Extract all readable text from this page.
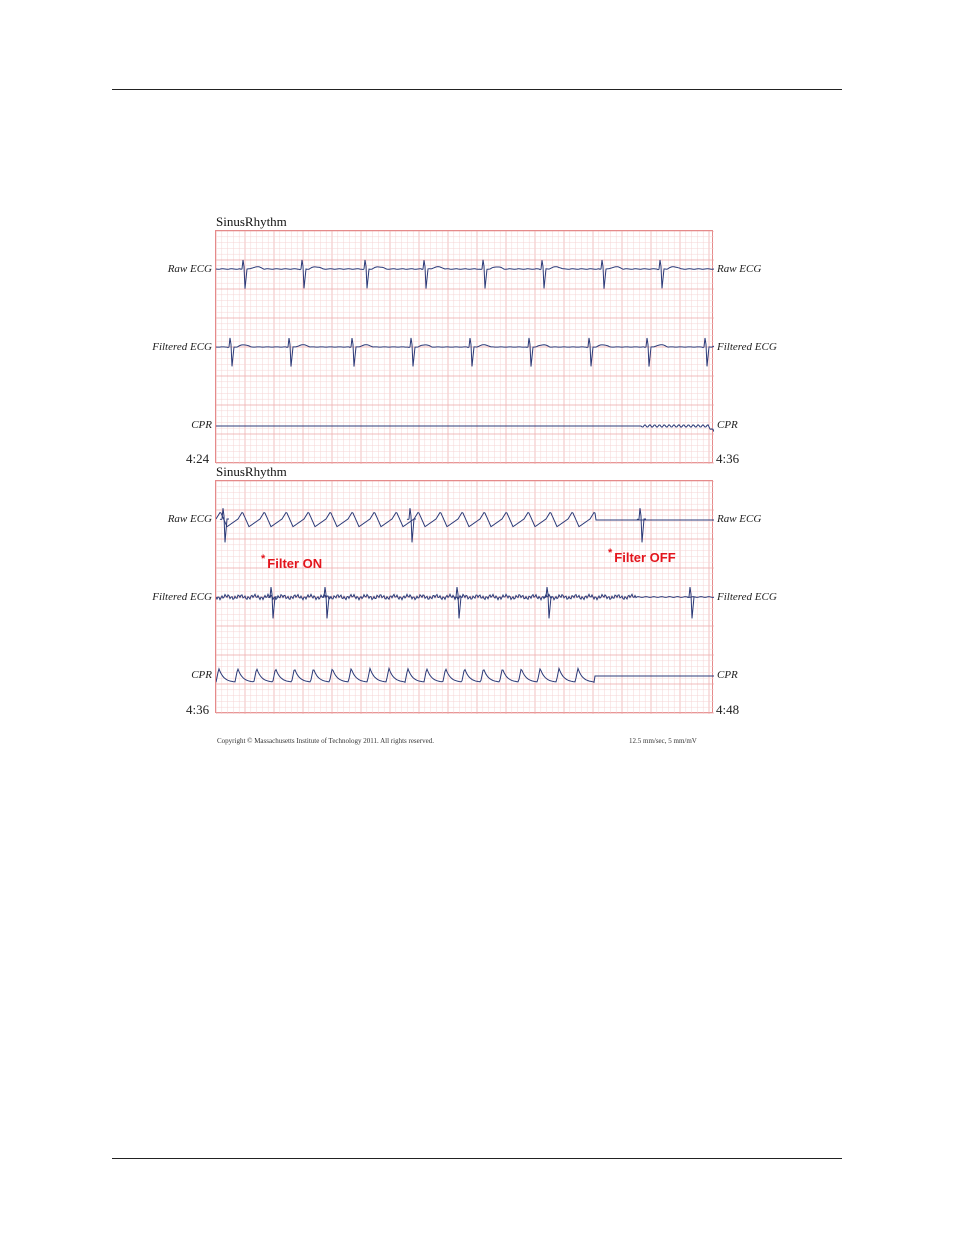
SinusRhythm
Raw ECG	Raw ECG
Filtered ECG	Filtered ECG
CPR	CPR
4:24	4:36
SinusRhythm
Raw ECG	Raw ECG
Filtered ECG	Filtered ECG
CPR	CPR
4:36	4:48
* Filter ON
* Filter OFF
Copyright © Massachusetts Institute of Technology 2011. All rights reserved.	12.5 mm/sec, 5 mm/mV
